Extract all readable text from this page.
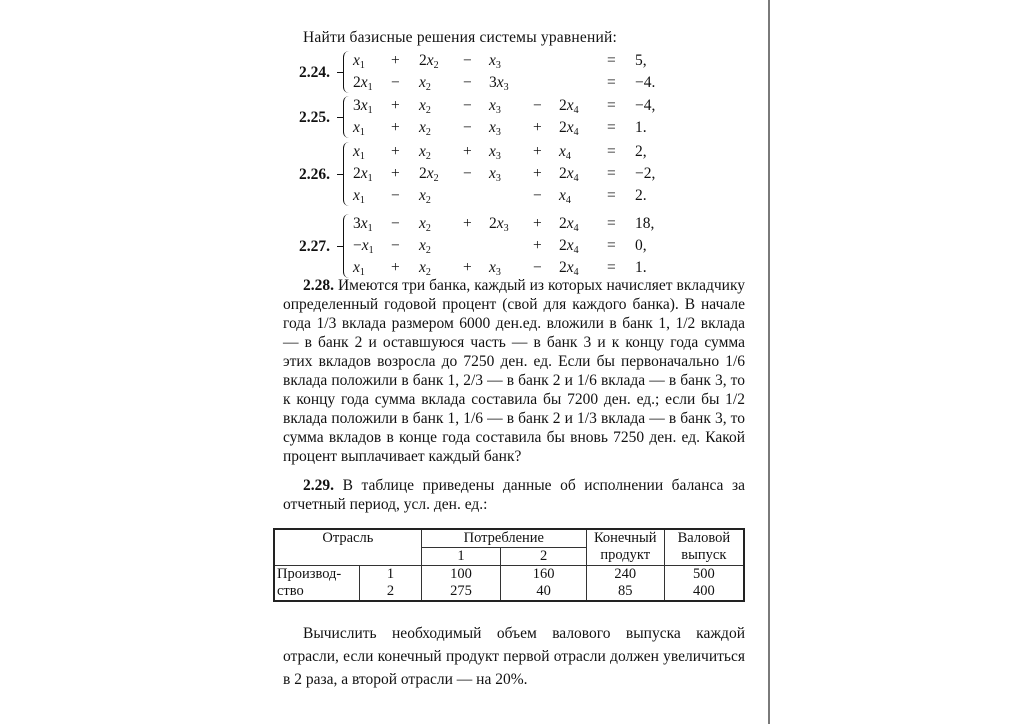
Найти базисные решения системы уравнений:
2.24.
$x_1 + 2x_2 - x_3$	= 5,
$2x_1 - x_2 - 3x_3$	= −4.
2.25.
$3x_1 + x_2 - x_3 - 2x_4 = -4$,
$x_1 + x_2 - x_3 + 2x_4 = 1$.
2.26.
$x_1 + x_2 + x_3 + x_4 = 2$,
$2x_1 + 2x_2 - x_3 + 2x_4 = -2$,
$x_1 - x_2$	− $x_4 = 2$.
2.27.
$3x_1 - x_2 + 2x_3 + 2x_4 = 18$,
$-x_1 - x_2$	+ $2x_4 = 0$,
$x_1 + x_2 + x_3 - 2x_4 = 1$.
2.28. Имеются три банка, каждый из которых начисляет вкладчику определенный годовой процент (свой для каждого банка). В начале года 1/3 вклада размером 6000 ден.ед. вложили в банк 1, 1/2 вклада — в банк 2 и оставшуюся часть — в банк 3 и к концу года сумма этих вкладов возросла до 7250 ден. ед. Если бы первоначально 1/6 вклада положили в банк 1, 2/3 — в банк 2 и 1/6 вклада — в банк 3, то к концу года сумма вклада составила бы 7200 ден. ед.; если бы 1/2 вклада положили в банк 1, 1/6 — в банк 2 и 1/3 вклада — в банк 3, то сумма вкладов в конце года составила бы вновь 7250 ден. ед. Какой процент выплачивает каждый банк?
2.29. В таблице приведены данные об исполнении баланса за отчетный период, усл. ден. ед.:
Отрасль		Потребление		Конечный продукт	Валовой выпуск
		1	2		
Производ- ство	1	100	160	240	500
	2	275	40	85	400
Вычислить необходимый объем валового выпуска каждой отрасли, если конечный продукт первой отрасли должен увеличиться в 2 раза, а второй отрасли — на 20%.
